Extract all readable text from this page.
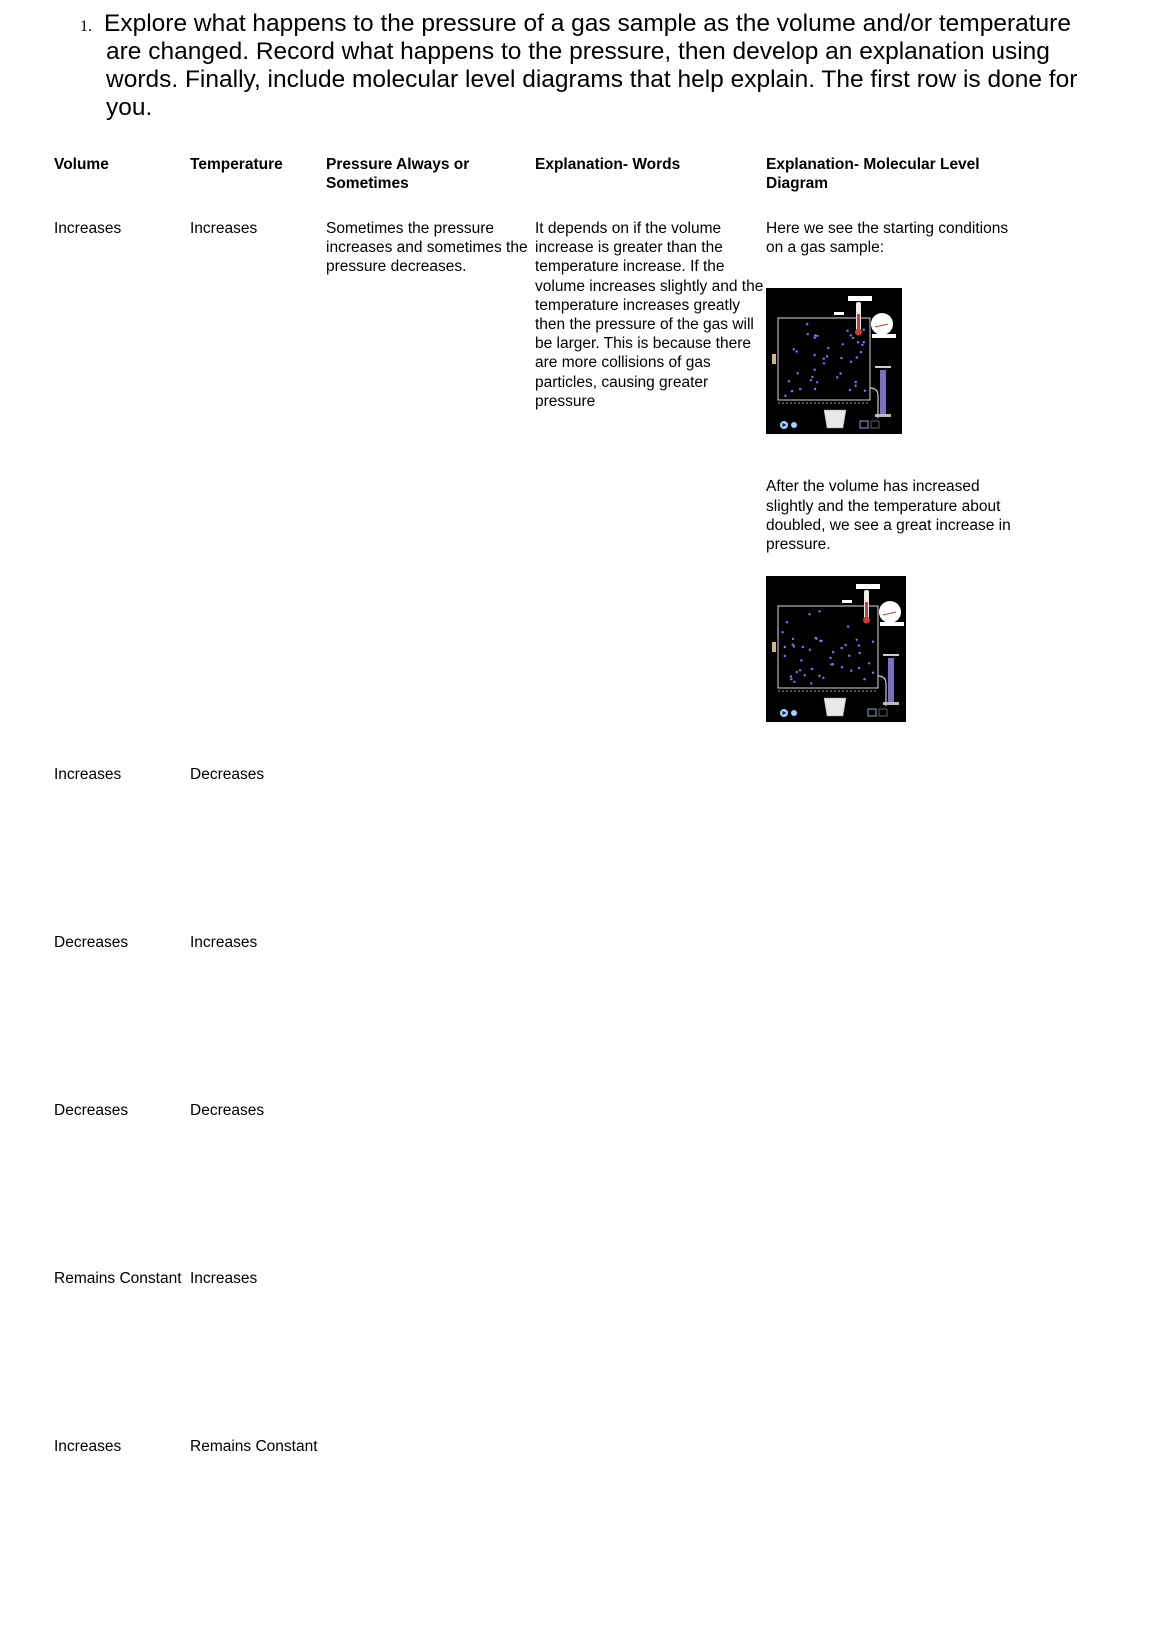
1. Explore what happens to the pressure of a gas sample as the volume and/or temperature are changed. Record what happens to the pressure, then develop an explanation using words. Finally, include molecular level diagrams that help explain. The first row is done for you.
Volume	Temperature	Pressure Always or Sometimes	Explanation- Words	Explanation- Molecular Level Diagram
Increases	Increases	Sometimes the pressure increases and sometimes the pressure decreases.	It depends on if the volume increase is greater than the temperature increase. If the volume increases slightly and the temperature increases greatly then the pressure of the gas will be larger. This is because there are more collisions of gas particles, causing greater pressure	Here we see the starting conditions on a gas sample:
After the volume has increased slightly and the temperature about doubled, we see a great increase in pressure.

Increases	Decreases			
Decreases	Increases			
Decreases	Decreases			
Remains Constant	Increases			
Increases	Remains Constant			
